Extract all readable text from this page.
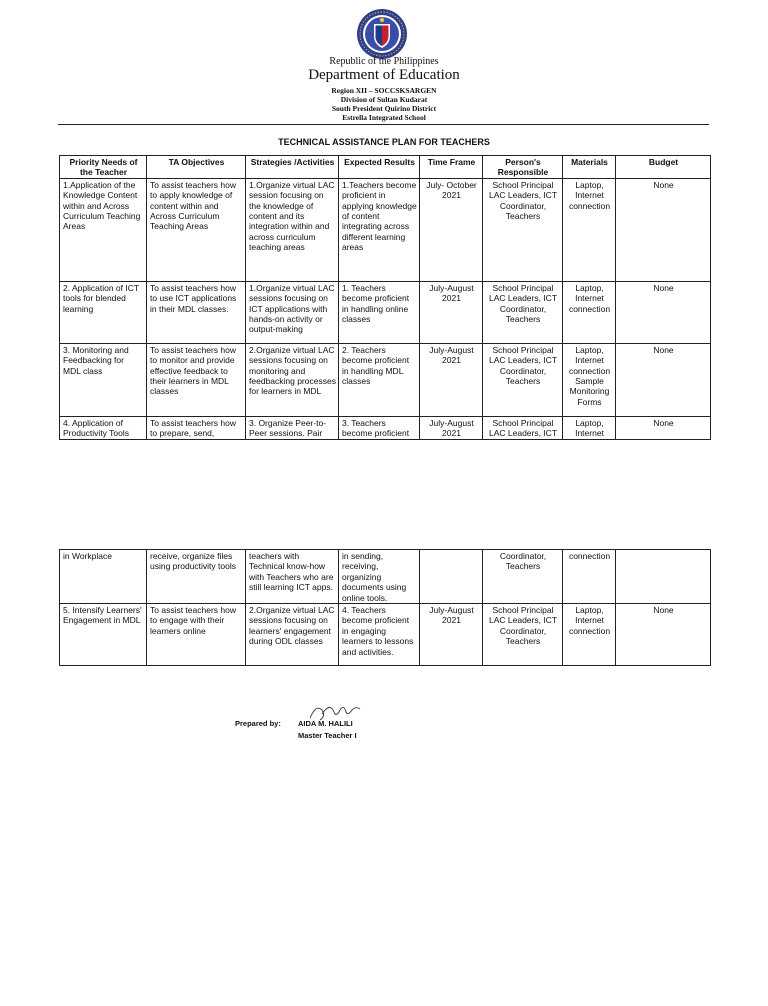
Republic of the Philippines
Department of Education
Region XII – SOCCSKSARGEN
Division of Sultan Kudarat
South President Quirino District
Estrella Integrated School
TECHNICAL ASSISTANCE PLAN FOR TEACHERS
Priority Needs of the Teacher	TA Objectives	Strategies /Activities	Expected Results	Time Frame	Person's Responsible	Materials	Budget
1.Application of the Knowledge Content within and Across Curriculum Teaching Areas	To assist teachers how to apply knowledge of content within and Across Curriculum Teaching Areas	1.Organize virtual LAC session focusing on the knowledge of content and its integration within and across curriculum teaching areas	1.Teachers become proficient in applying knowledge of content integrating across different learning areas	July- October 2021	School Principal LAC Leaders, ICT Coordinator, Teachers	Laptop, Internet connection	None
2. Application of ICT tools for blended learning	To assist teachers how to use ICT applications in their MDL classes.	1.Organize virtual LAC sessions focusing on ICT applications with hands-on activity or output-making	1. Teachers become proficient in handling online classes	July-August 2021	School Principal LAC Leaders, ICT Coordinator, Teachers	Laptop, Internet connection	None
3. Monitoring and Feedbacking for MDL class	To assist teachers how to monitor and provide effective feedback to their learners in MDL classes	2.Organize virtual LAC sessions focusing on monitoring and feedbacking processes for learners in MDL	2. Teachers become proficient in handling MDL classes	July-August 2021	School Principal LAC Leaders, ICT Coordinator, Teachers	Laptop, Internet connection Sample Monitoring Forms	None
4. Application of Productivity Tools	To assist teachers how to prepare, send,	3. Organize Peer-to-Peer sessions. Pair	3. Teachers become proficient	July-August 2021	School Principal LAC Leaders, ICT	Laptop, Internet	None
in Workplace	receive, organize files using productivity tools	teachers with Technical know-how with Teachers who are still learning ICT apps.	in sending, receiving, organizing documents using online tools.		Coordinator, Teachers	connection	
5. Intensify Learners' Engagement in MDL	To assist teachers how to engage with their learners online	2.Organize virtual LAC sessions focusing on learners' engagement during ODL classes	4. Teachers become proficient in engaging learners to lessons and activities.	July-August 2021	School Principal LAC Leaders, ICT Coordinator, Teachers	Laptop, Internet connection	None
Prepared by: AIDA M. HALILI
Master Teacher I
